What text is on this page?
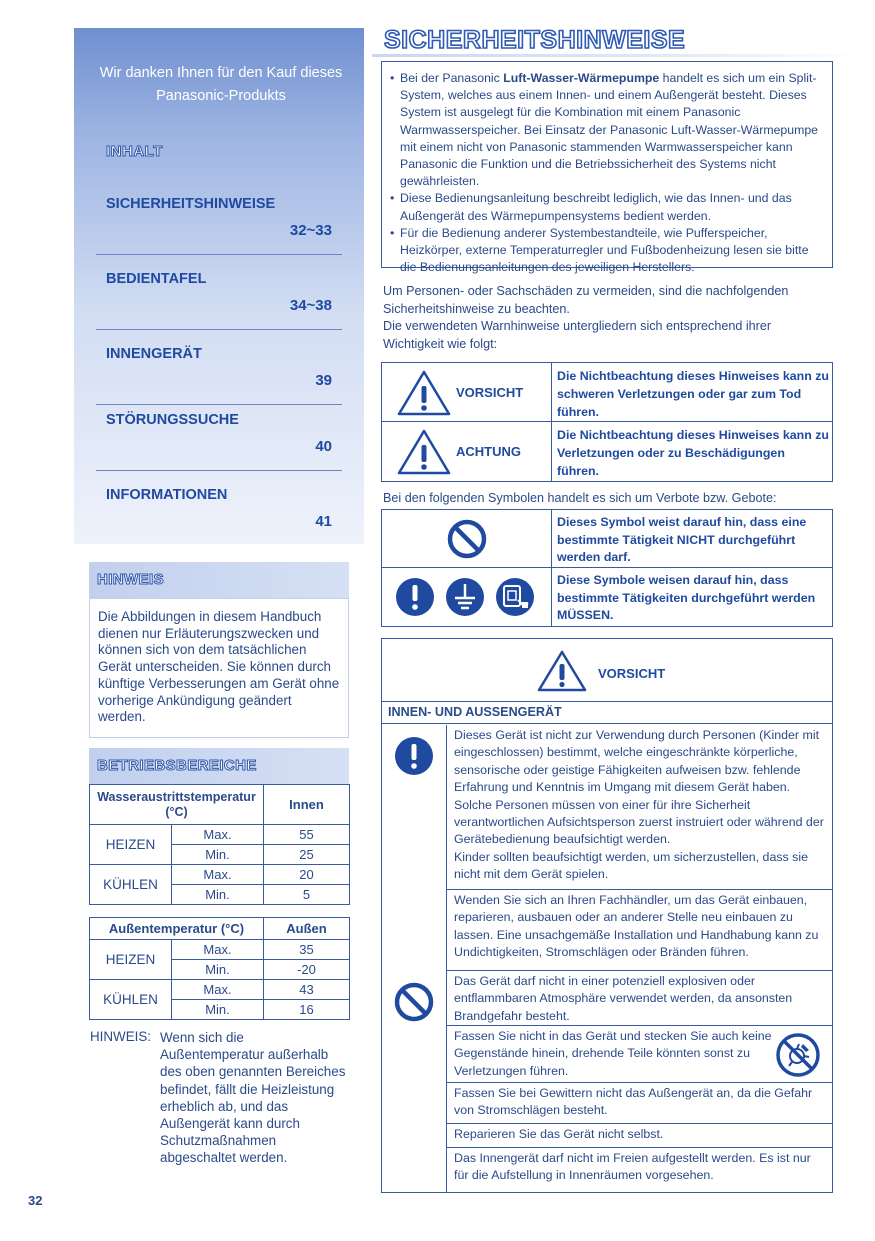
Wir danken Ihnen für den Kauf dieses Panasonic-Produkts
INHALT
SICHERHEITSHINWEISE
32~33
BEDIENTAFEL
34~38
INNENGERÄT
39
STÖRUNGSSUCHE
40
INFORMATIONEN
41
HINWEIS
Die Abbildungen in diesem Handbuch dienen nur Erläuterungszwecken und können sich von dem tatsächlichen Gerät unterscheiden. Sie können durch künftige Verbesserungen am Gerät ohne vorherige Ankündigung geändert werden.
BETRIEBSBEREICHE
Wasseraustrittstemperatur (°C)		Innen
HEIZEN	Max.	55
	Min.	25
KÜHLEN	Max.	20
	Min.	5
Außentemperatur (°C)		Außen
HEIZEN	Max.	35
	Min.	-20
KÜHLEN	Max.	43
	Min.	16
HINWEIS: Wenn sich die Außentemperatur außerhalb des oben genannten Bereiches befindet, fällt die Heizleistung erheblich ab, und das Außengerät kann durch Schutzmaßnahmen abgeschaltet werden.
32
SICHERHEITSHINWEISE
• Bei der Panasonic Luft-Wasser-Wärmepumpe handelt es sich um ein Split-System, welches aus einem Innen- und einem Außengerät besteht. Dieses System ist ausgelegt für die Kombination mit einem Panasonic Warmwasserspeicher. Bei Einsatz der Panasonic Luft-Wasser-Wärmepumpe mit einem nicht von Panasonic stammenden Warmwasserspeicher kann Panasonic die Funktion und die Betriebssicherheit des Systems nicht gewährleisten.
• Diese Bedienungsanleitung beschreibt lediglich, wie das Innen- und das Außengerät des Wärmepumpensystems bedient werden.
• Für die Bedienung anderer Systembestandteile, wie Pufferspeicher, Heizkörper, externe Temperaturregler und Fußbodenheizung lesen sie bitte die Bedienungsanleitungen des jeweiligen Herstellers.
Um Personen- oder Sachschäden zu vermeiden, sind die nachfolgenden Sicherheitshinweise zu beachten.
Die verwendeten Warnhinweise untergliedern sich entsprechend ihrer Wichtigkeit wie folgt:
VORSICHT
Die Nichtbeachtung dieses Hinweises kann zu schweren Verletzungen oder gar zum Tod führen.
ACHTUNG
Die Nichtbeachtung dieses Hinweises kann zu Verletzungen oder zu Beschädigungen führen.
Bei den folgenden Symbolen handelt es sich um Verbote bzw. Gebote:
Dieses Symbol weist darauf hin, dass eine bestimmte Tätigkeit NICHT durchgeführt werden darf.
Diese Symbole weisen darauf hin, dass bestimmte Tätigkeiten durchgeführt werden MÜSSEN.
VORSICHT
INNEN- UND AUSSENGERÄT
Dieses Gerät ist nicht zur Verwendung durch Personen (Kinder mit eingeschlossen) bestimmt, welche eingeschränkte körperliche, sensorische oder geistige Fähigkeiten aufweisen bzw. fehlende Erfahrung und Kenntnis im Umgang mit diesem Gerät haben. Solche Personen müssen von einer für ihre Sicherheit verantwortlichen Aufsichtsperson zuerst instruiert oder während der Gerätebedienung beaufsichtigt werden.
Kinder sollten beaufsichtigt werden, um sicherzustellen, dass sie nicht mit dem Gerät spielen.
Wenden Sie sich an Ihren Fachhändler, um das Gerät einbauen, reparieren, ausbauen oder an anderer Stelle neu einbauen zu lassen. Eine unsachgemäße Installation und Handhabung kann zu Undichtigkeiten, Stromschlägen oder Bränden führen.
Das Gerät darf nicht in einer potenziell explosiven oder entflammbaren Atmosphäre verwendet werden, da ansonsten Brandgefahr besteht.
Fassen Sie nicht in das Gerät und stecken Sie auch keine Gegenstände hinein, drehende Teile könnten sonst zu Verletzungen führen.
Fassen Sie bei Gewittern nicht das Außengerät an, da die Gefahr von Stromschlägen besteht.
Reparieren Sie das Gerät nicht selbst.
Das Innengerät darf nicht im Freien aufgestellt werden. Es ist nur für die Aufstellung in Innenräumen vorgesehen.
